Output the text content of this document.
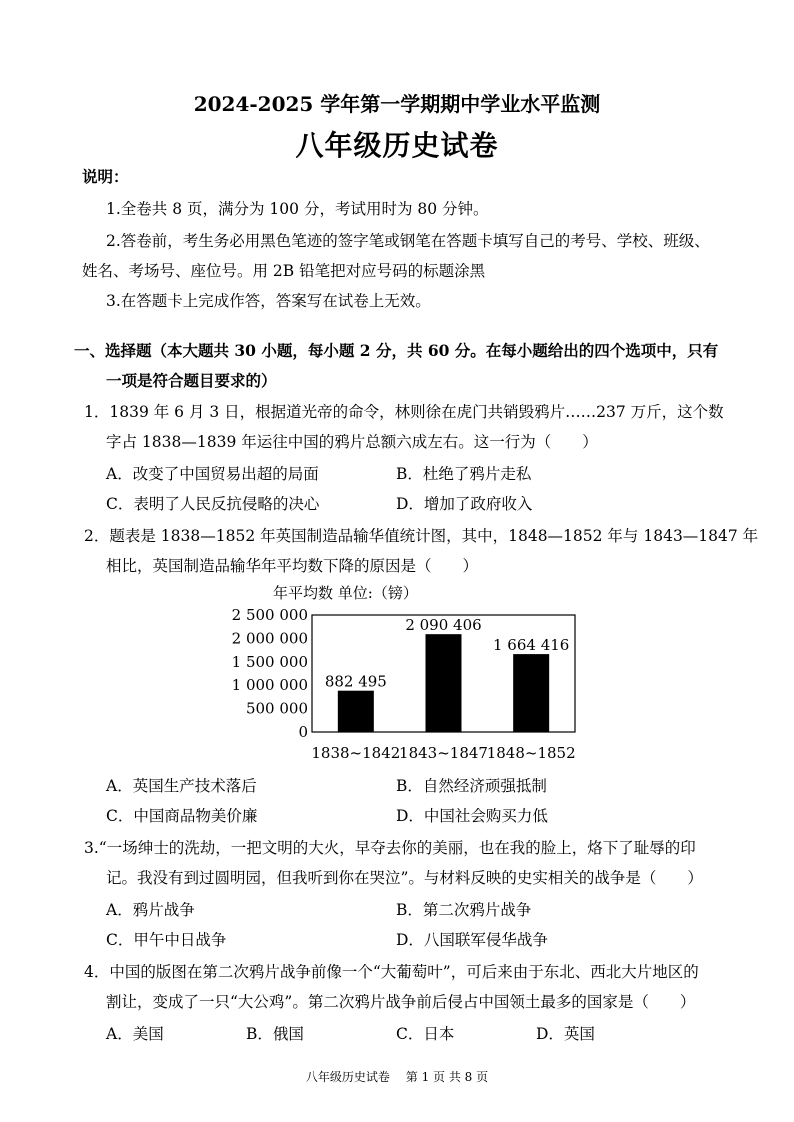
2024-2025 学年第一学期期中学业水平监测
八年级历史试卷
说明：
1.全卷共 8 页，满分为 100 分，考试用时为 80 分钟。
2.答卷前，考生务必用黑色笔迹的签字笔或钢笔在答题卡填写自己的考号、学校、班级、
姓名、考场号、座位号。用 2B 铅笔把对应号码的标题涂黑
3.在答题卡上完成作答，答案写在试卷上无效。
一、选择题（本大题共 30 小题，每小题 2 分，共 60 分。在每小题给出的四个选项中，只有
一项是符合题目要求的）
1．1839 年 6 月 3 日，根据道光帝的命令，林则徐在虎门共销毁鸦片……237 万斤，这个数
字占 1838—1839 年运往中国的鸦片总额六成左右。这一行为（　　）
A．改变了中国贸易出超的局面	B．杜绝了鸦片走私
C．表明了人民反抗侵略的决心	D．增加了政府收入
2．题表是 1838—1852 年英国制造品输华值统计图，其中，1848—1852 年与 1843—1847 年
相比，英国制造品输华年平均数下降的原因是（　　）
年平均数 单位:（镑）
2 500 000
2 000 000
1 500 000
1 000 000
500 000
0
882 495
2 090 406
1 664 416
1838~1842
1843~1847
1848~1852
A．英国生产技术落后	B．自然经济顽强抵制
C．中国商品物美价廉	D．中国社会购买力低
3.“一场绅士的洗劫，一把文明的大火，早夺去你的美丽，也在我的脸上，烙下了耻辱的印
记。我没有到过圆明园，但我听到你在哭泣”。与材料反映的史实相关的战争是（　　）
A．鸦片战争	B．第二次鸦片战争
C．甲午中日战争	D．八国联军侵华战争
4．中国的版图在第二次鸦片战争前像一个“大葡萄叶”，可后来由于东北、西北大片地区的
割让，变成了一只“大公鸡”。第二次鸦片战争前后侵占中国领土最多的国家是（　　）
A．美国	B．俄国	C．日本	D．英国
八年级历史试卷 第 1 页 共 8 页
